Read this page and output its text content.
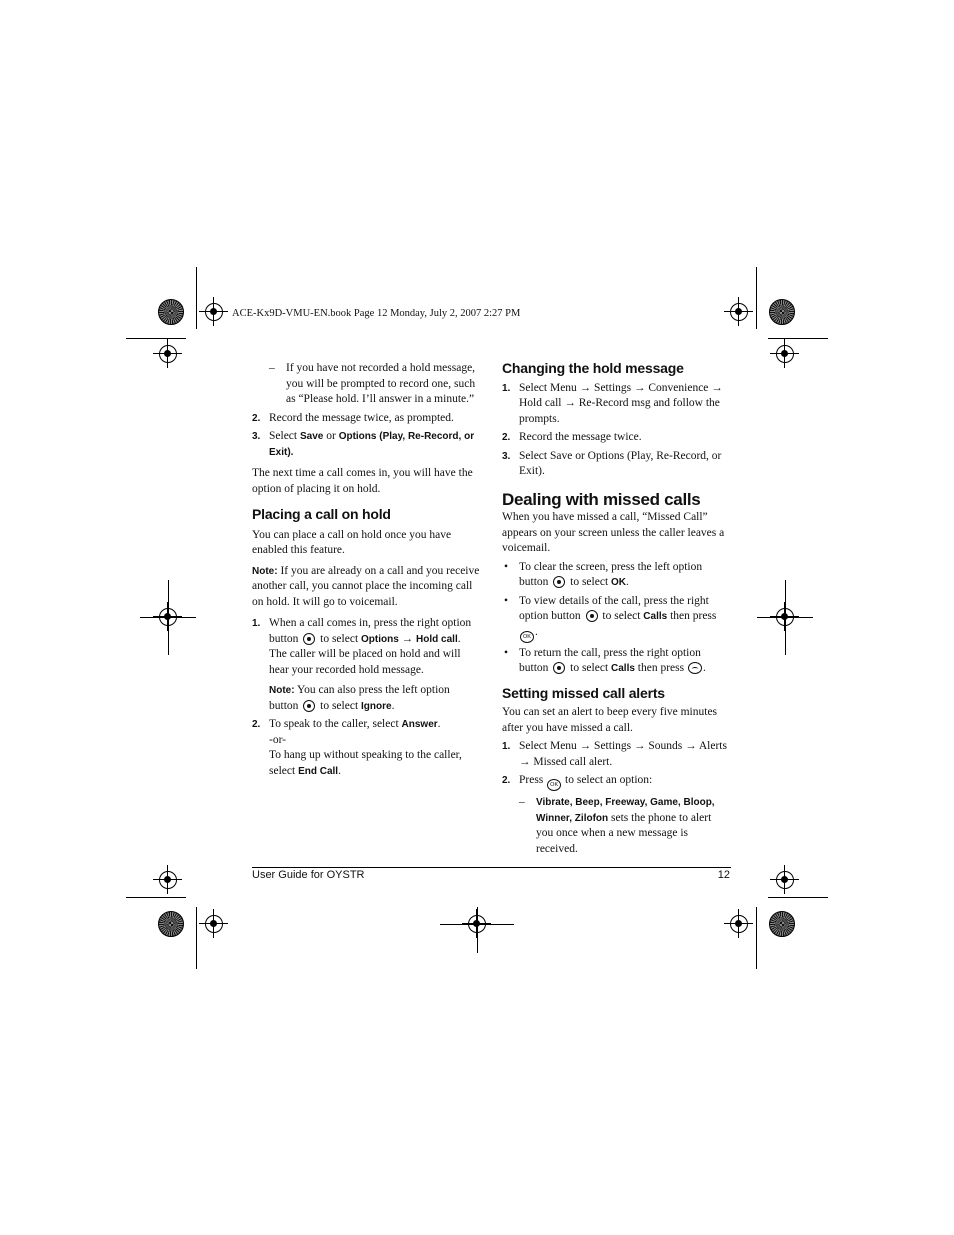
ACE-Kx9D-VMU-EN.book Page 12 Monday, July 2, 2007 2:27 PM
– If you have not recorded a hold message, you will be prompted to record one, such as “Please hold. I’ll answer in a minute.”
2. Record the message twice, as prompted.
3. Select Save or Options (Play, Re-Record, or Exit).

The next time a call comes in, you will have the option of placing it on hold.

Placing a call on hold

You can place a call on hold once you have enabled this feature.

Note: If you are already on a call and you receive another call, you cannot place the incoming call on hold. It will go to voicemail.

1. When a call comes in, press the right option button  to select Options → Hold call. The caller will be placed on hold and will hear your recorded hold message.

Note: You can also press the left option button  to select Ignore.

2. To speak to the caller, select Answer.
-or-
To hang up without speaking to the caller, select End Call.
Changing the hold message
1. Select Menu → Settings → Convenience → Hold call → Re-Record msg and follow the prompts.
2. Record the message twice.
3. Select Save or Options (Play, Re-Record, or Exit).
Dealing with missed calls

When you have missed a call, “Missed Call” appears on your screen unless the caller leaves a voicemail.

• To clear the screen, press the left option button  to select OK.
• To view details of the call, press the right option button  to select Calls then press OK .
• To return the call, press the right option button  to select Calls then press .
Setting missed call alerts

You can set an alert to beep every five minutes after you have missed a call.

1. Select Menu → Settings → Sounds → Alerts → Missed call alert.
2. Press OK to select an option:
– Vibrate, Beep, Freeway, Game, Bloop, Winner, Zilofon sets the phone to alert you once when a new message is received.
User Guide for OYSTR	12
